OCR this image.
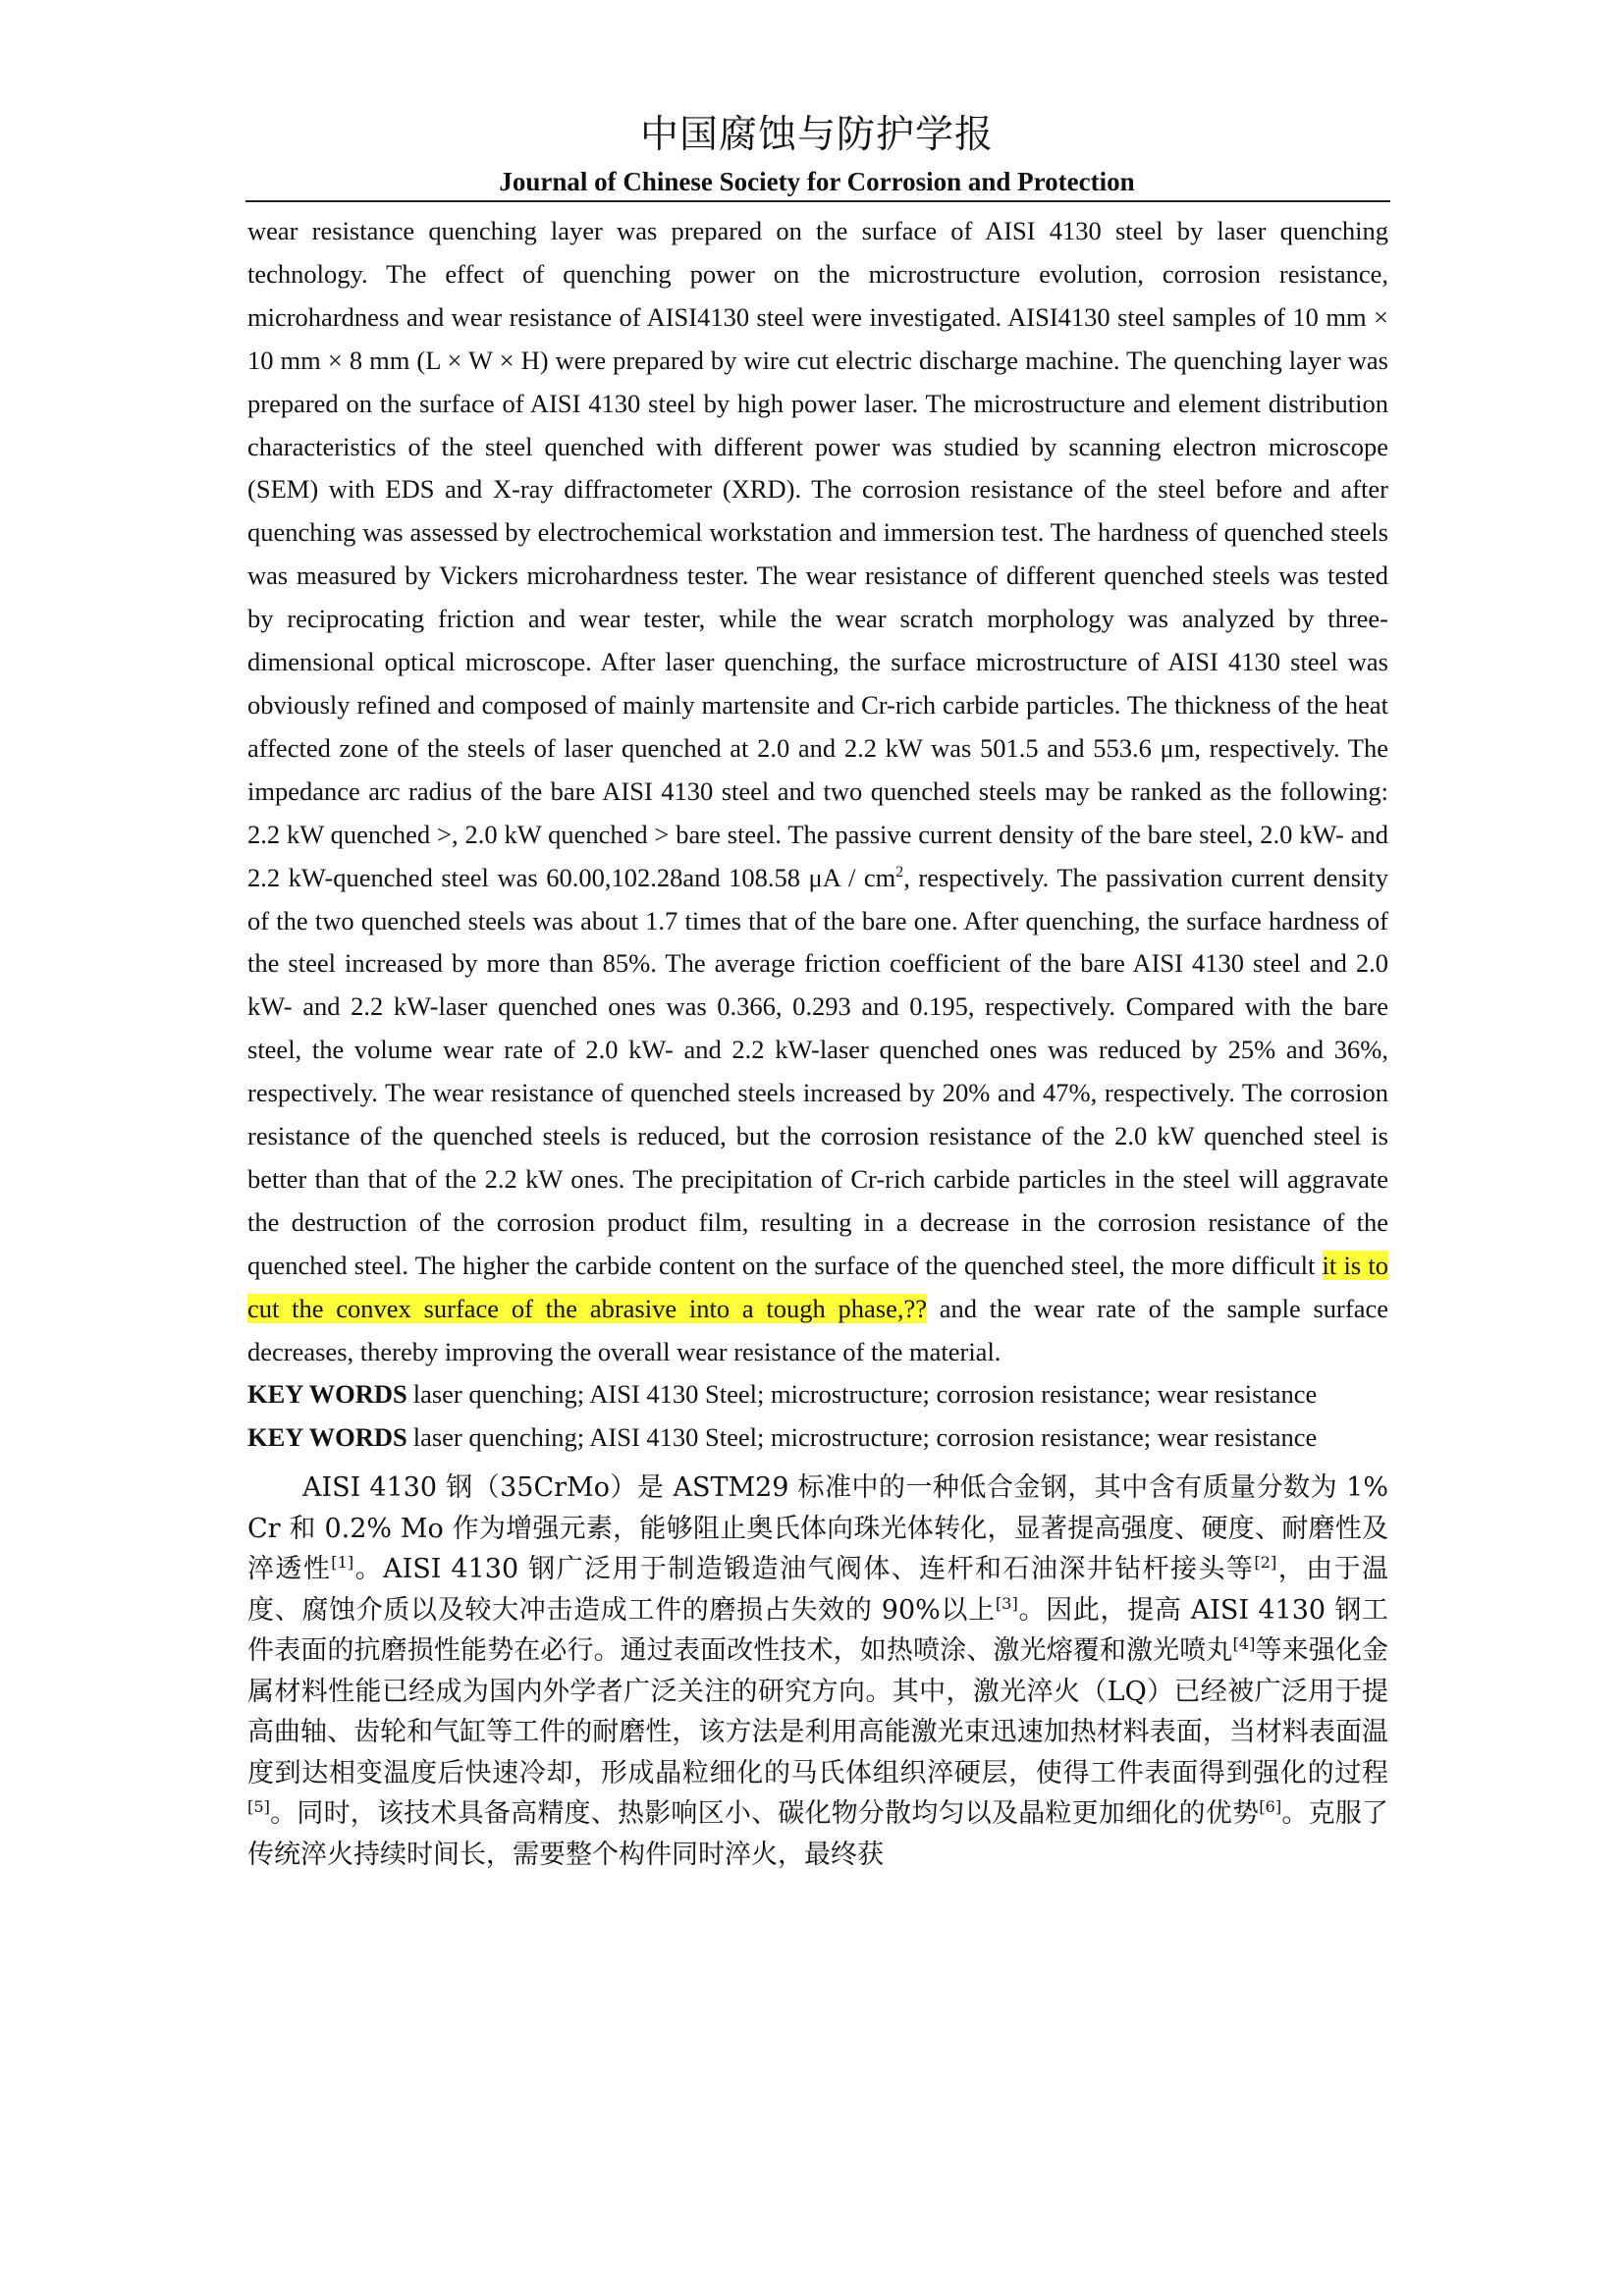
中国腐蚀与防护学报
Journal of Chinese Society for Corrosion and Protection

wear resistance quenching layer was prepared on the surface of AISI 4130 steel by laser quenching technology. The effect of quenching power on the microstructure evolution, corrosion resistance, microhardness and wear resistance of AISI4130 steel were investigated. AISI4130 steel samples of 10 mm × 10 mm × 8 mm (L × W × H) were prepared by wire cut electric discharge machine. The quenching layer was prepared on the surface of AISI 4130 steel by high power laser. The microstructure and element distribution characteristics of the steel quenched with different power was studied by scanning electron microscope (SEM) with EDS and X-ray diffractometer (XRD). The corrosion resistance of the steel before and after quenching was assessed by electrochemical workstation and immersion test. The hardness of quenched steels was measured by Vickers microhardness tester. The wear resistance of different quenched steels was tested by reciprocating friction and wear tester, while the wear scratch morphology was analyzed by three-dimensional optical microscope. After laser quenching, the surface microstructure of AISI 4130 steel was obviously refined and composed of mainly martensite and Cr-rich carbide particles. The thickness of the heat affected zone of the steels of laser quenched at 2.0 and 2.2 kW was 501.5 and 553.6 μm, respectively. The impedance arc radius of the bare AISI 4130 steel and two quenched steels may be ranked as the following: 2.2 kW quenched >, 2.0 kW quenched > bare steel. The passive current density of the bare steel, 2.0 kW- and 2.2 kW-quenched steel was 60.00,102.28and 108.58 μA / $cm^2$, respectively. The passivation current density of the two quenched steels was about 1.7 times that of the bare one. After quenching, the surface hardness of the steel increased by more than 85%. The average friction coefficient of the bare AISI 4130 steel and 2.0 kW- and 2.2 kW-laser quenched ones was 0.366, 0.293 and 0.195, respectively. Compared with the bare steel, the volume wear rate of 2.0 kW- and 2.2 kW-laser quenched ones was reduced by 25% and 36%, respectively. The wear resistance of quenched steels increased by 20% and 47%, respectively. The corrosion resistance of the quenched steels is reduced, but the corrosion resistance of the 2.0 kW quenched steel is better than that of the 2.2 kW ones. The precipitation of Cr-rich carbide particles in the steel will aggravate the destruction of the corrosion product film, resulting in a decrease in the corrosion resistance of the quenched steel. The higher the carbide content on the surface of the quenched steel, the more difficult it is to cut the convex surface of the abrasive into a tough phase,?? and the wear rate of the sample surface decreases, thereby improving the overall wear resistance of the material.

KEY WORDS laser quenching; AISI 4130 Steel; microstructure; corrosion resistance; wear resistance

KEY WORDS laser quenching; AISI 4130 Steel; microstructure; corrosion resistance; wear resistance

AISI 4130 钢（35CrMo）是 ASTM29 标准中的一种低合金钢，其中含有质量分数为 1% Cr 和 0.2% Mo 作为增强元素，能够阻止奥氏体向珠光体转化，显著提高强度、硬度、耐磨性及淬透性[1]。AISI 4130 钢广泛用于制造锻造油气阀体、连杆和石油深井钻杆接头等[2]，由于温度、腐蚀介质以及较大冲击造成工件的磨损占失效的 90%以上[3]。因此，提高 AISI 4130 钢工件表面的抗磨损性能势在必行。通过表面改性技术，如热喷涂、激光熔覆和激光喷丸[4]等来强化金属材料性能已经成为国内外学者广泛关注的研究方向。其中，激光淬火（LQ）已经被广泛用于提高曲轴、齿轮和气缸等工件的耐磨性，该方法是利用高能激光束迅速加热材料表面，当材料表面温度到达相变温度后快速冷却，形成晶粒细化的马氏体组织淬硬层，使得工件表面得到强化的过程[5]。同时，该技术具备高精度、热影响区小、碳化物分散均匀以及晶粒更加细化的优势[6]。克服了传统淬火持续时间长，需要整个构件同时淬火，最终获
